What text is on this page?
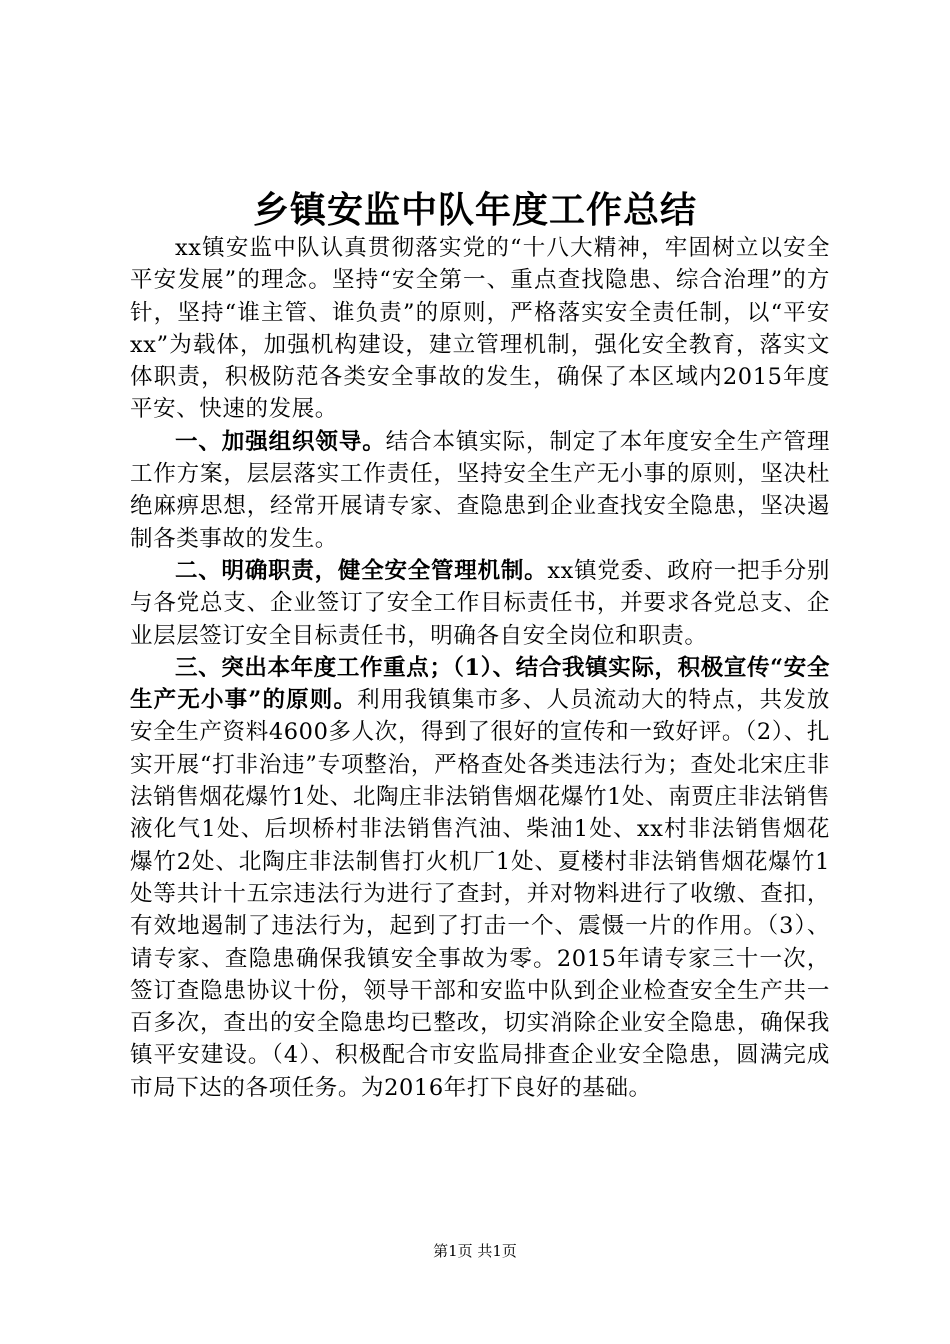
乡镇安监中队年度工作总结

xx镇安监中队认真贯彻落实党的“十八大精神，牢固树立以安全平安发展”的理念。坚持“安全第一、重点查找隐患、综合治理”的方针，坚持“谁主管、谁负责”的原则，严格落实安全责任制，以“平安xx”为载体，加强机构建设，建立管理机制，强化安全教育，落实文体职责，积极防范各类安全事故的发生，确保了本区域内2015年度平安、快速的发展。

一、加强组织领导。结合本镇实际，制定了本年度安全生产管理工作方案，层层落实工作责任，坚持安全生产无小事的原则，坚决杜绝麻痹思想，经常开展请专家、查隐患到企业查找安全隐患，坚决遏制各类事故的发生。

二、明确职责，健全安全管理机制。xx镇党委、政府一把手分别与各党总支、企业签订了安全工作目标责任书，并要求各党总支、企业层层签订安全目标责任书，明确各自安全岗位和职责。

三、突出本年度工作重点；（1）、结合我镇实际，积极宣传“安全生产无小事”的原则。利用我镇集市多、人员流动大的特点，共发放安全生产资料4600多人次，得到了很好的宣传和一致好评。（2）、扎实开展“打非治违”专项整治，严格查处各类违法行为；查处北宋庄非法销售烟花爆竹1处、北陶庄非法销售烟花爆竹1处、南贾庄非法销售液化气1处、后坝桥村非法销售汽油、柴油1处、xx村非法销售烟花爆竹2处、北陶庄非法制售打火机厂1处、夏楼村非法销售烟花爆竹1处等共计十五宗违法行为进行了查封，并对物料进行了收缴、查扣，有效地遏制了违法行为，起到了打击一个、震慑一片的作用。（3）、请专家、查隐患确保我镇安全事故为零。2015年请专家三十一次，签订查隐患协议十份，领导干部和安监中队到企业检查安全生产共一百多次，查出的安全隐患均已整改，切实消除企业安全隐患，确保我镇平安建设。（4）、积极配合市安监局排查企业安全隐患，圆满完成市局下达的各项任务。为2016年打下良好的基础。

第1页 共1页
